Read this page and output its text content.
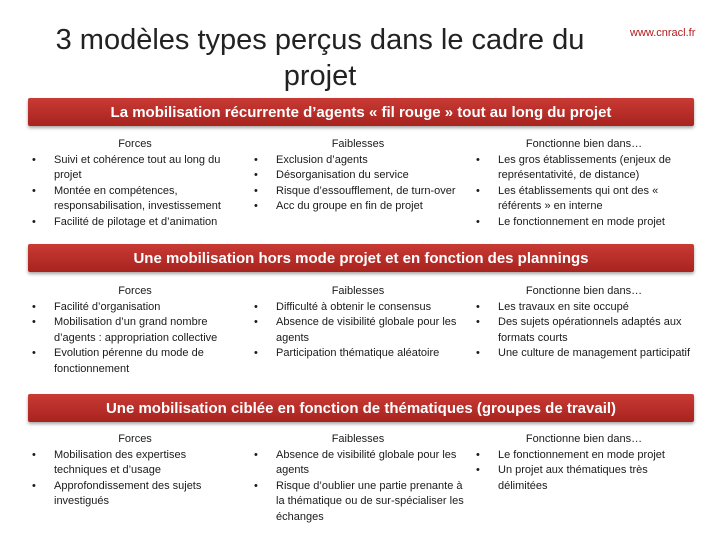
3 modèles types perçus dans le cadre du projet
www.cnracl.fr
La mobilisation récurrente d’agents « fil rouge » tout au long du projet
Forces
• Suivi et cohérence tout au long du projet
• Montée en compétences, responsabilisation, investissement
• Facilité de pilotage et d’animation
Faiblesses
• Exclusion d’agents
• Désorganisation du service
• Risque d’essoufflement, de turn-over
• Acc du groupe en fin de projet
Fonctionne bien dans…
• Les gros établissements (enjeux de représentativité, de distance)
• Les établissements qui ont des « référents » en interne
• Le fonctionnement en mode projet
Une mobilisation hors mode projet et en fonction des plannings
Forces
• Facilité d’organisation
• Mobilisation d’un grand nombre d’agents : appropriation collective
• Evolution pérenne du mode de fonctionnement
Faiblesses
• Difficulté à obtenir le consensus
• Absence de visibilité globale pour les agents
• Participation thématique aléatoire
Fonctionne bien dans…
• Les travaux en site occupé
• Des sujets opérationnels adaptés aux formats courts
• Une culture de management participatif
Une mobilisation ciblée en fonction de thématiques (groupes de travail)
Forces
• Mobilisation des expertises techniques et d’usage
• Approfondissement des sujets investigués
Faiblesses
• Absence de visibilité globale pour les agents
• Risque d’oublier une partie prenante à la thématique ou de sur-spécialiser les échanges
Fonctionne bien dans…
• Le fonctionnement en mode projet
• Un projet aux thématiques très délimitées
